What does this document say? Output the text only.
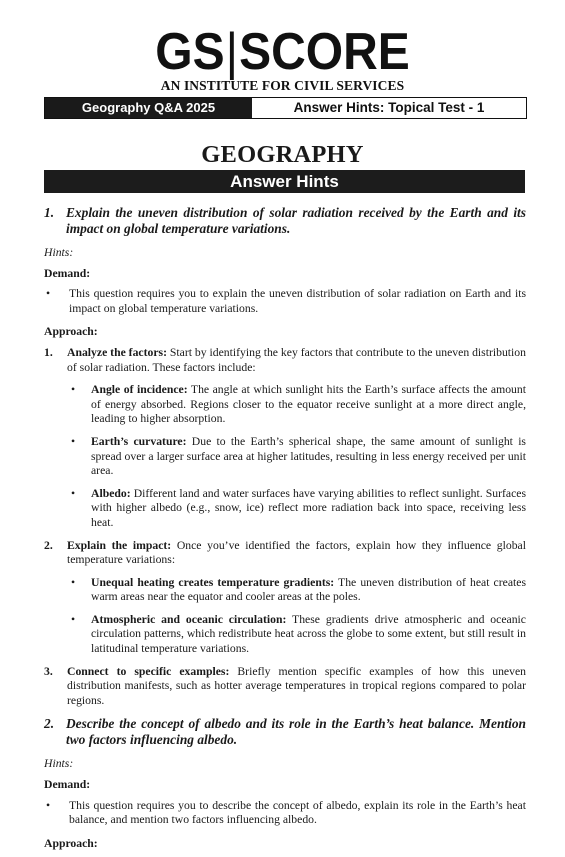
GS|SCORE
AN INSTITUTE FOR CIVIL SERVICES
Geography Q&A 2025	Answer Hints: Topical Test - 1
GEOGRAPHY
Answer Hints
1. Explain the uneven distribution of solar radiation received by the Earth and its impact on global temperature variations.
Hints:
Demand:
•	This question requires you to explain the uneven distribution of solar radiation on Earth and its impact on global temperature variations.
Approach:
1.	Analyze the factors: Start by identifying the key factors that contribute to the uneven distribution of solar radiation. These factors include:
•	Angle of incidence: The angle at which sunlight hits the Earth’s surface affects the amount of energy absorbed. Regions closer to the equator receive sunlight at a more direct angle, leading to higher absorption.
•	Earth’s curvature: Due to the Earth’s spherical shape, the same amount of sunlight is spread over a larger surface area at higher latitudes, resulting in less energy received per unit area.
•	Albedo: Different land and water surfaces have varying abilities to reflect sunlight. Surfaces with higher albedo (e.g., snow, ice) reflect more radiation back into space, receiving less heat.
2.	Explain the impact: Once you’ve identified the factors, explain how they influence global temperature variations:
•	Unequal heating creates temperature gradients: The uneven distribution of heat creates warm areas near the equator and cooler areas at the poles.
•	Atmospheric and oceanic circulation: These gradients drive atmospheric and oceanic circulation patterns, which redistribute heat across the globe to some extent, but still result in latitudinal temperature variations.
3.	Connect to specific examples: Briefly mention specific examples of how this uneven distribution manifests, such as hotter average temperatures in tropical regions compared to polar regions.
2. Describe the concept of albedo and its role in the Earth’s heat balance. Mention two factors influencing albedo.
Hints:
Demand:
•	This question requires you to describe the concept of albedo, explain its role in the Earth’s heat balance, and mention two factors influencing albedo.
Approach:
